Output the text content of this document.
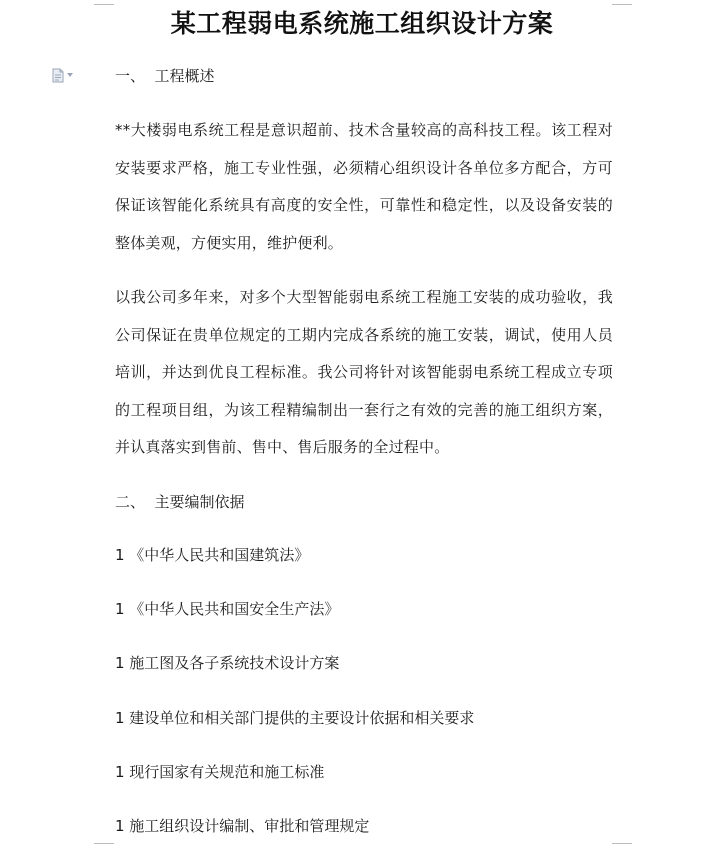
某工程弱电系统施工组织设计方案
一、  工程概述
**大楼弱电系统工程是意识超前、技术含量较高的高科技工程。该工程对安装要求严格，施工专业性强，必须精心组织设计各单位多方配合，方可保证该智能化系统具有高度的安全性，可靠性和稳定性，以及设备安装的整体美观，方便实用，维护便利。
以我公司多年来，对多个大型智能弱电系统工程施工安装的成功验收，我公司保证在贵单位规定的工期内完成各系统的施工安装，调试，使用人员培训，并达到优良工程标准。我公司将针对该智能弱电系统工程成立专项的工程项目组，为该工程精编制出一套行之有效的完善的施工组织方案，并认真落实到售前、售中、售后服务的全过程中。
二、  主要编制依据
1 《中华人民共和国建筑法》
1 《中华人民共和国安全生产法》
1 施工图及各子系统技术设计方案
1 建设单位和相关部门提供的主要设计依据和相关要求
1 现行国家有关规范和施工标准
1 施工组织设计编制、审批和管理规定
